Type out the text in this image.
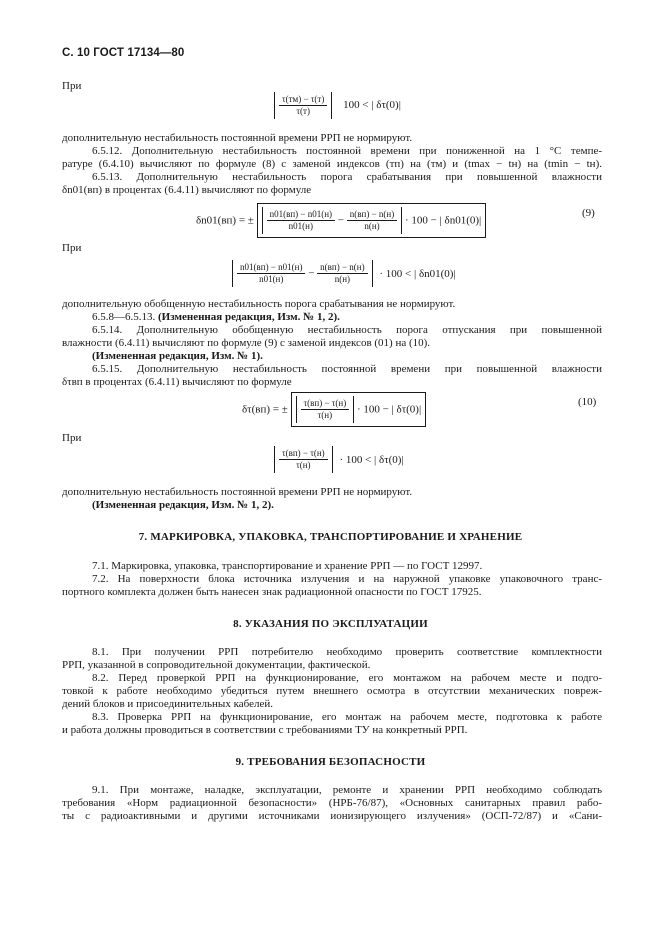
С. 10 ГОСТ 17134—80
При
$\frac{\tau(тм) - \tau(т)}{\tau(т)} 100$ < | δτ(0)|
дополнительную нестабильность постоянной времени РРП не нормируют.
6.5.12. Дополнительную нестабильность постоянной времени при пониженной на 1 °С темпе-
ратуре (6.4.10) вычисляют по формуле (8) с заменой индексов (тп) на (тм) и (tmax − tн) на (tmin − tн).
6.5.13. Дополнительную нестабильность порога срабатывания при повышенной влажности
δn01(вп) в процентах (6.4.11) вычисляют по формуле
δn01(вп) = ± $\frac{n01(вп) - n01(н)}{n01(н)} - \frac{n(вп) - n(н)}{n(н)} \cdot 100$ − | δn01(0)|
(9)
При
$\frac{n01(вп) - n01(н)}{n01(н)} - \frac{n(вп) - n(н)}{n(н)} \cdot 100$ < | δn01(0)|
дополнительную обобщенную нестабильность порога срабатывания не нормируют.
6.5.8—6.5.13. (Измененная редакция, Изм. № 1, 2).
6.5.14. Дополнительную обобщенную нестабильность порога отпускания при повышенной
влажности (6.4.11) вычисляют по формуле (9) с заменой индексов (01) на (10).
(Измененная редакция, Изм. № 1).
6.5.15. Дополнительную нестабильность постоянной времени при повышенной влажности
δτвп в процентах (6.4.11) вычисляют по формуле
δτ(вп) = ± $\frac{\tau(вп) - \tau(н)}{\tau(н)} \cdot 100$ − | δτ(0)|
(10)
При
$\frac{\tau(вп) - \tau(н)}{\tau(н)} \cdot 100$ < | δτ(0)|
дополнительную нестабильность постоянной времени РРП не нормируют.
(Измененная редакция, Изм. № 1, 2).
7. МАРКИРОВКА, УПАКОВКА, ТРАНСПОРТИРОВАНИЕ И ХРАНЕНИЕ
7.1. Маркировка, упаковка, транспортирование и хранение РРП — по ГОСТ 12997.
7.2. На поверхности блока источника излучения и на наружной упаковке упаковочного транс-
портного комплекта должен быть нанесен знак радиационной опасности по ГОСТ 17925.
8. УКАЗАНИЯ ПО ЭКСПЛУАТАЦИИ
8.1. При получении РРП потребителю необходимо проверить соответствие комплектности
РРП, указанной в сопроводительной документации, фактической.
8.2. Перед проверкой РРП на функционирование, его монтажом на рабочем месте и подго-
товкой к работе необходимо убедиться путем внешнего осмотра в отсутствии механических повреж-
дений блоков и присоединительных кабелей.
8.3. Проверка РРП на функционирование, его монтаж на рабочем месте, подготовка к работе
и работа должны проводиться в соответствии с требованиями ТУ на конкретный РРП.
9. ТРЕБОВАНИЯ БЕЗОПАСНОСТИ
9.1. При монтаже, наладке, эксплуатации, ремонте и хранении РРП необходимо соблюдать
требования «Норм радиационной безопасности» (НРБ-76/87), «Основных санитарных правил рабо-
ты с радиоактивными и другими источниками ионизирующего излучения» (ОСП-72/87) и «Сани-
